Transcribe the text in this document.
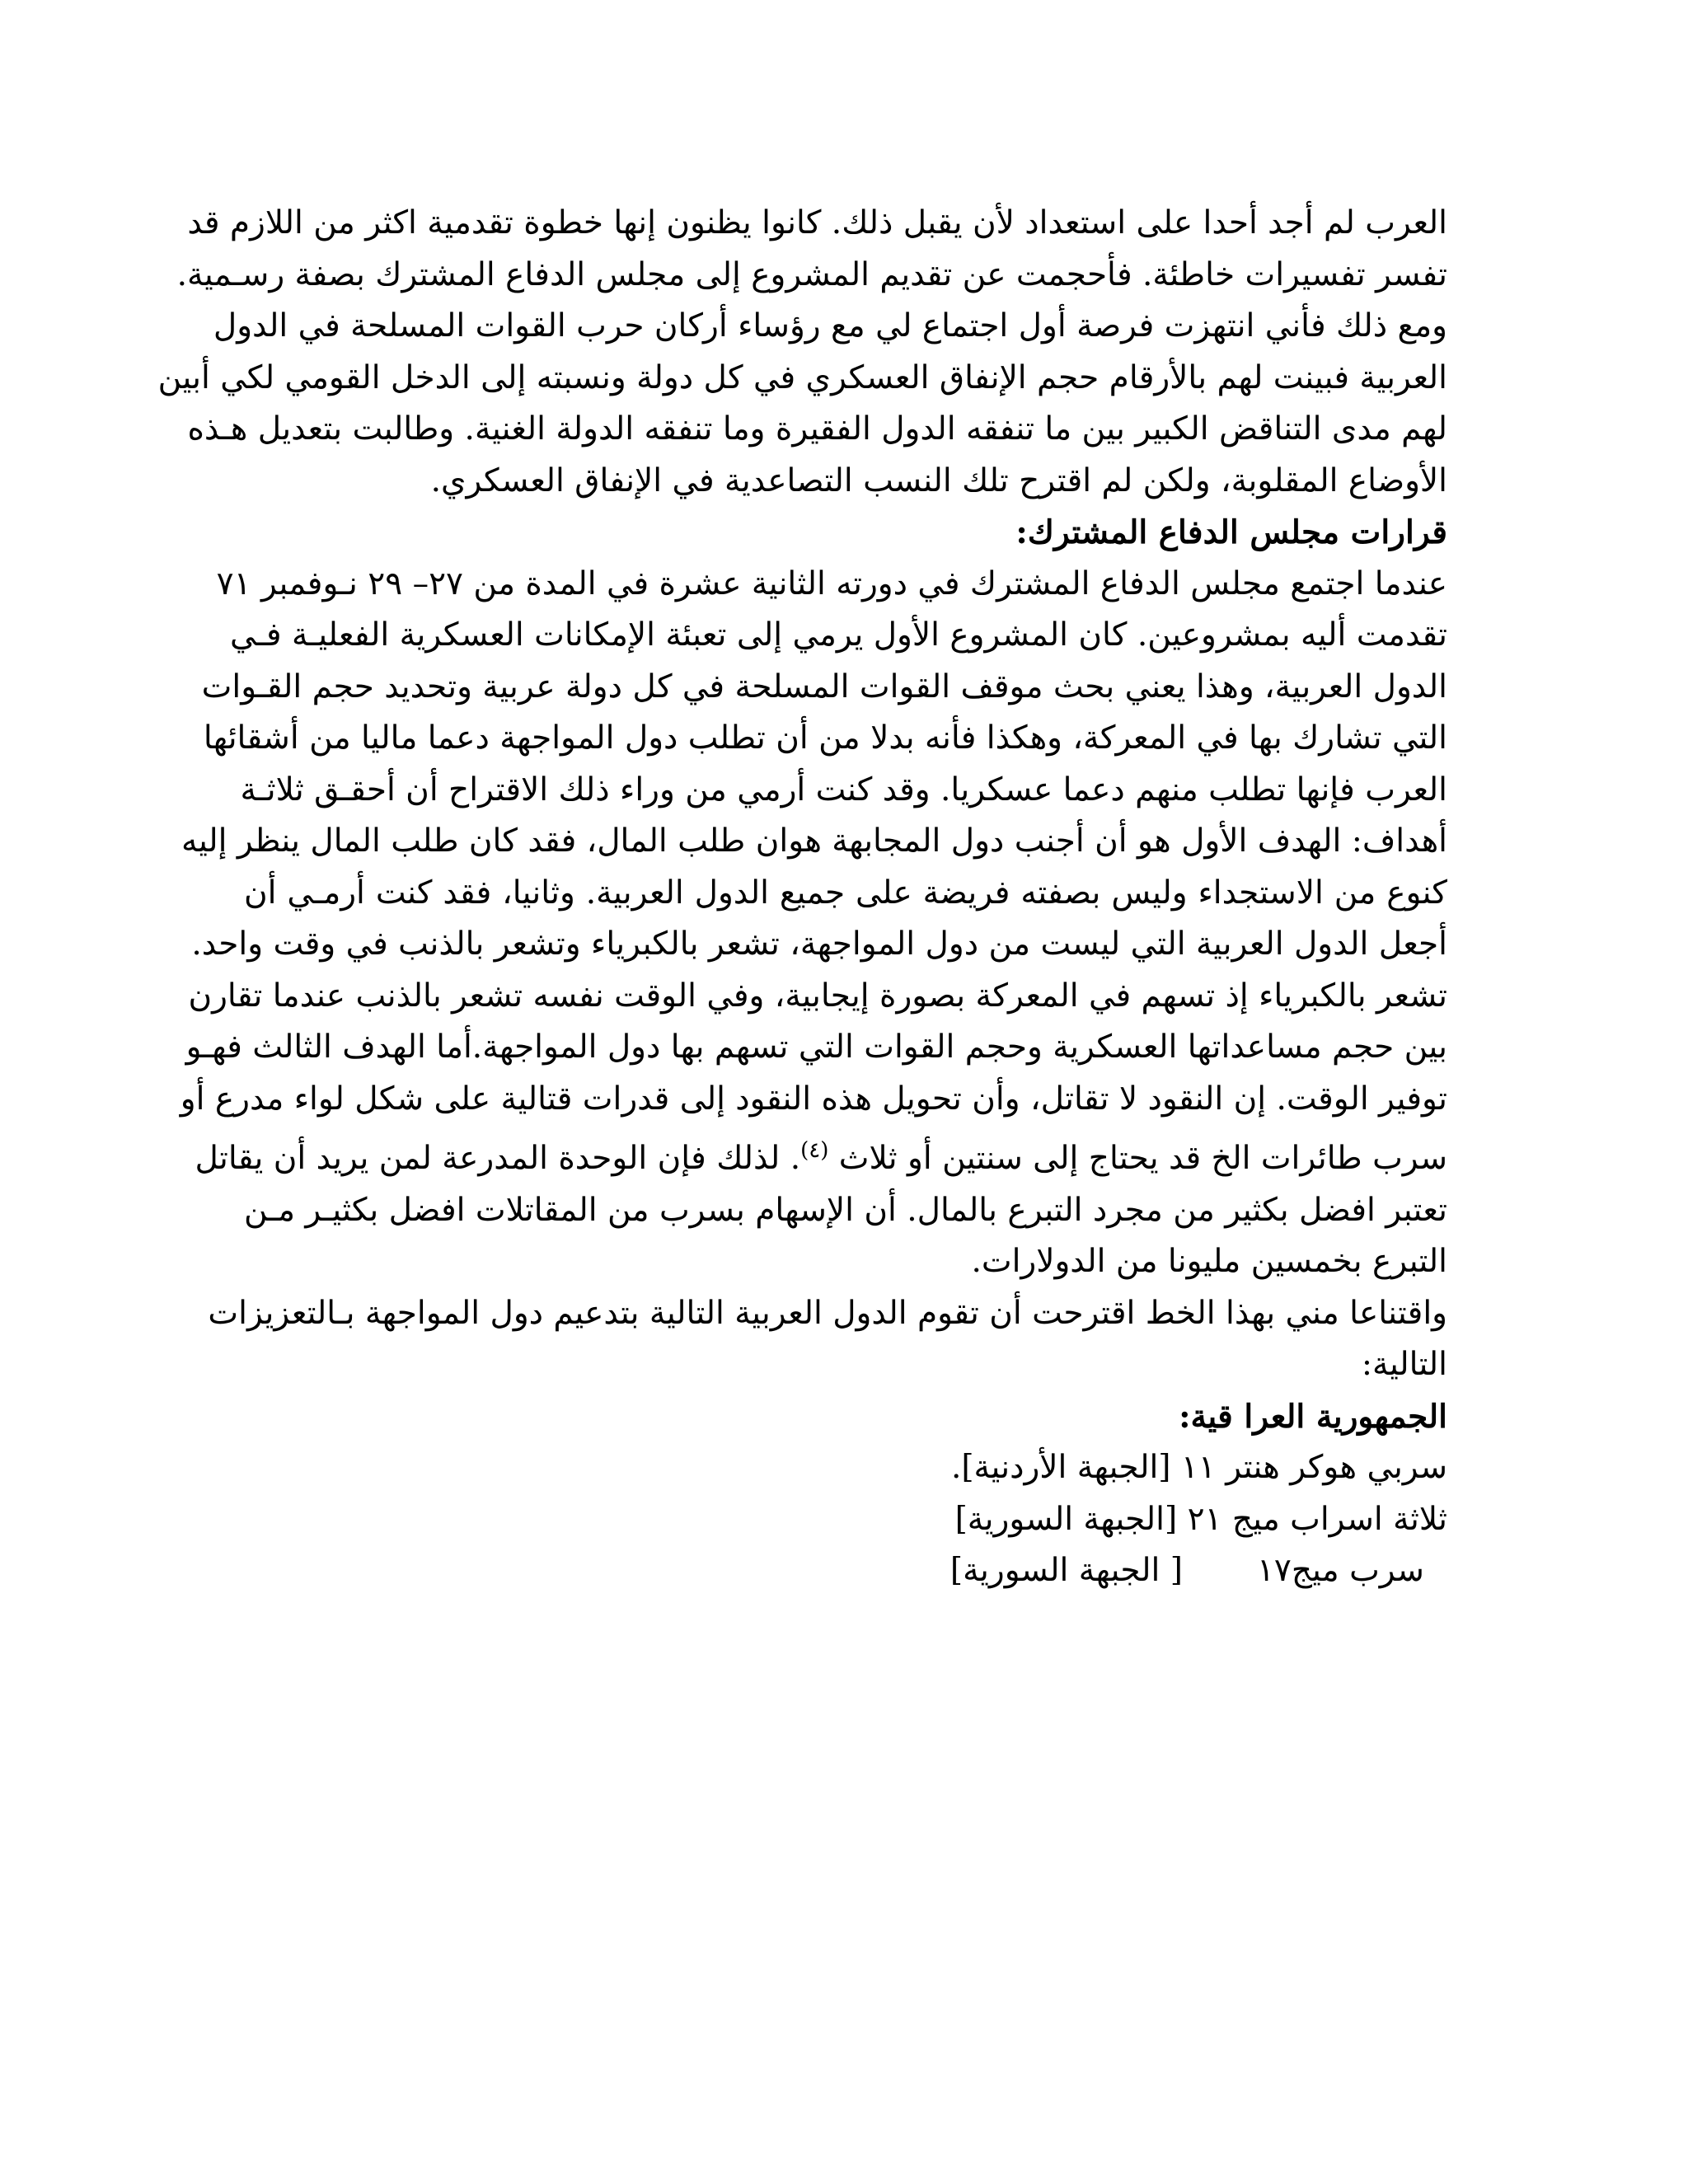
العرب لم أجد أحدا على استعداد لأن يقبل ذلك. كانوا يظنون إنها خطوة تقدمية اكثر من اللازم قد
تفسر تفسيرات خاطئة. فأحجمت عن تقديم المشروع إلى مجلس الدفاع المشترك بصفة رسـمية.
ومع ذلك فأني انتهزت فرصة أول اجتماع لي مع رؤساء أركان حرب القوات المسلحة في الدول
العربية فبينت لهم بالأرقام حجم الإنفاق العسكري في كل دولة ونسبته إلى الدخل القومي لكي أبين
لهم مدى التناقض الكبير بين ما تنفقه الدول الفقيرة وما تنفقه الدولة الغنية. وطالبت بتعديل هـذه
الأوضاع المقلوبة، ولكن لم اقترح تلك النسب التصاعدية في الإنفاق العسكري.
قرارات مجلس الدفاع المشترك:
عندما اجتمع مجلس الدفاع المشترك في دورته الثانية عشرة في المدة من ٢٧– ٢٩ نـوفمبر ٧١
تقدمت أليه بمشروعين. كان المشروع الأول يرمي إلى تعبئة الإمكانات العسكرية الفعليـة فـي
الدول العربية، وهذا يعني بحث موقف القوات المسلحة في كل دولة عربية وتحديد حجم القـوات
التي تشارك بها في المعركة، وهكذا فأنه بدلا من أن تطلب دول المواجهة دعما ماليا من أشقائها
العرب فإنها تطلب منهم دعما عسكريا. وقد كنت أرمي من وراء ذلك الاقتراح أن أحقـق ثلاثـة
أهداف: الهدف الأول هو أن أجنب دول المجابهة هوان طلب المال، فقد كان طلب المال ينظر إليه
كنوع من الاستجداء وليس بصفته فريضة على جميع الدول العربية. وثانيا، فقد كنت أرمـي أن
أجعل الدول العربية التي ليست من دول المواجهة، تشعر بالكبرياء وتشعر بالذنب في وقت واحد.
تشعر بالكبرياء إذ تسهم في المعركة بصورة إيجابية، وفي الوقت نفسه تشعر بالذنب عندما تقارن
بين حجم مساعداتها العسكرية وحجم القوات التي تسهم بها دول المواجهة.أما الهدف الثالث فهـو
توفير الوقت. إن النقود لا تقاتل، وأن تحويل هذه النقود إلى قدرات قتالية على شكل لواء مدرع أو
سرب طائرات الخ قد يحتاج إلى سنتين أو ثلاث $^{(٤)}$. لذلك فإن الوحدة المدرعة لمن يريد أن يقاتل
تعتبر افضل بكثير من مجرد التبرع بالمال. أن الإسهام بسرب من المقاتلات افضل بكثيـر مـن
التبرع بخمسين مليونا من الدولارات.
واقتناعا مني بهذا الخط اقترحت أن تقوم الدول العربية التالية بتدعيم دول المواجهة بـالتعزيزات
التالية:
الجمهورية العرا قية:
سربي هوكر هنتر ١١ [الجبهة الأردنية].
ثلاثة اسراب ميج ٢١ [الجبهة السورية]
سرب ميج١٧[ الجبهة السورية]
